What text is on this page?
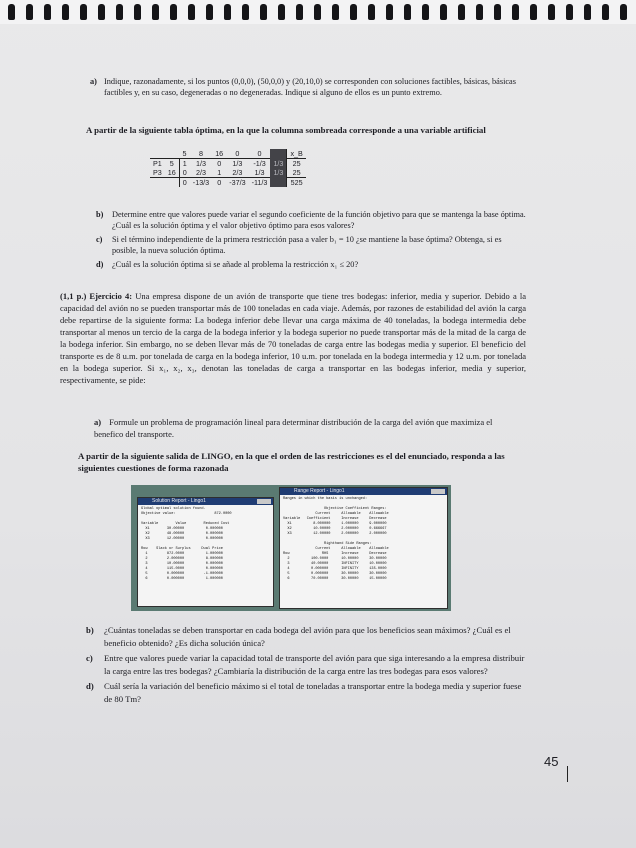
a) Indique, razonadamente, si los puntos (0,0,0), (50,0,0) y (20,10,0) se corresponden con soluciones factibles, básicas, básicas factibles y, en su caso, degeneradas o no degeneradas. Indique si alguno de ellos es un punto extremo.
A partir de la siguiente tabla óptima, en la que la columna sombreada corresponde a una variable artificial
		5	8	16	0	0		x_B
P1	5	1	1/3	0	1/3	-1/3	1/3	25
P3	16	0	2/3	1	2/3	1/3	1/3	25
		0	-13/3	0	-37/3	-11/3		525
b) Determine entre que valores puede variar el segundo coeficiente de la función objetivo para que se mantenga la base óptima. ¿Cuál es la solución óptima y el valor objetivo óptimo para esos valores?
c) Si el término independiente de la primera restricción pasa a valer b₁ = 10 ¿se mantiene la base óptima? Obtenga, si es posible, la nueva solución óptima.
d) ¿Cuál es la solución óptima si se añade al problema la restricción x₁ ≤ 20?
(1,1 p.) Ejercicio 4: Una empresa dispone de un avión de transporte que tiene tres bodegas: inferior, media y superior. Debido a la capacidad del avión no se pueden transportar más de 100 toneladas en cada viaje. Además, por razones de estabilidad del avión la carga debe repartirse de la siguiente forma: La bodega inferior debe llevar una carga máxima de 40 toneladas, la bodega intermedia debe transportar al menos un tercio de la carga de la bodega inferior y la bodega superior no puede transportar más de la mitad de la carga de la bodega inferior. Sin embargo, no se deben llevar más de 70 toneladas de carga entre las bodegas media y superior. El beneficio del transporte es de 8 u.m. por tonelada de carga en la bodega inferior, 10 u.m. por tonelada en la bodega intermedia y 12 u.m. por tonelada en la bodega superior. Si x₁, x₂, x₃, denotan las toneladas de carga a transportar en las bodegas inferior, media y superior, respectivamente, se pide:
a) Formule un problema de programación lineal para determinar distribución de la carga del avión que maximiza el benefico del transporte.
A partir de la siguiente salida de LINGO, en la que el orden de las restricciones es el del enunciado, responda a las siguientes cuestiones de forma razonada
Solution Report - Lingo1
Global optimal solution found.
Objective value:                  872.0000

Variable        Value        Reduced Cost
X1        30.00000          0.000000
X2        48.00000          0.000000
X3        12.00000          0.000000

Row    Slack or Surplus     Dual Price
1         872.0000          1.000000
2         2.000000          8.000000
3         10.00000          0.000000
4         115.0000          0.000000
5         0.000000         -1.000000
6         0.000000          1.000000
Range Report - Lingo1
Ranges in which the basis is unchanged:

Objective Coefficient Ranges:
Current     Allowable    Allowable
Variable   Coefficient     Increase     Decrease
X1          8.000000     1.000000     9.000000
X2          10.00000     2.000000     0.666667
X3          12.00000     2.000000     2.000000

Righthand Side Ranges:
Current     Allowable    Allowable
Row               RHS      Increase     Decrease
2          100.0000      10.00000     30.00000
3          40.00000      INFINITY     10.00000
4          0.000000      INFINITY     135.0000
5          0.000000      30.00000     30.00000
6          70.00000      30.00000     15.00000
b) ¿Cuántas toneladas se deben transportar en cada bodega del avión para que los beneficios sean máximos? ¿Cuál es el beneficio obtenido? ¿Es dicha solución única?
c) Entre que valores puede variar la capacidad total de transporte del avión para que siga interesando a la empresa distribuir la carga entre las tres bodegas? ¿Cambiaría la distribución de la carga entre las tres bodegas para esos valores?
d) Cuál sería la variación del beneficio máximo si el total de toneladas a transportar entre la bodega media y superior fuese de 80 Tm?
45
